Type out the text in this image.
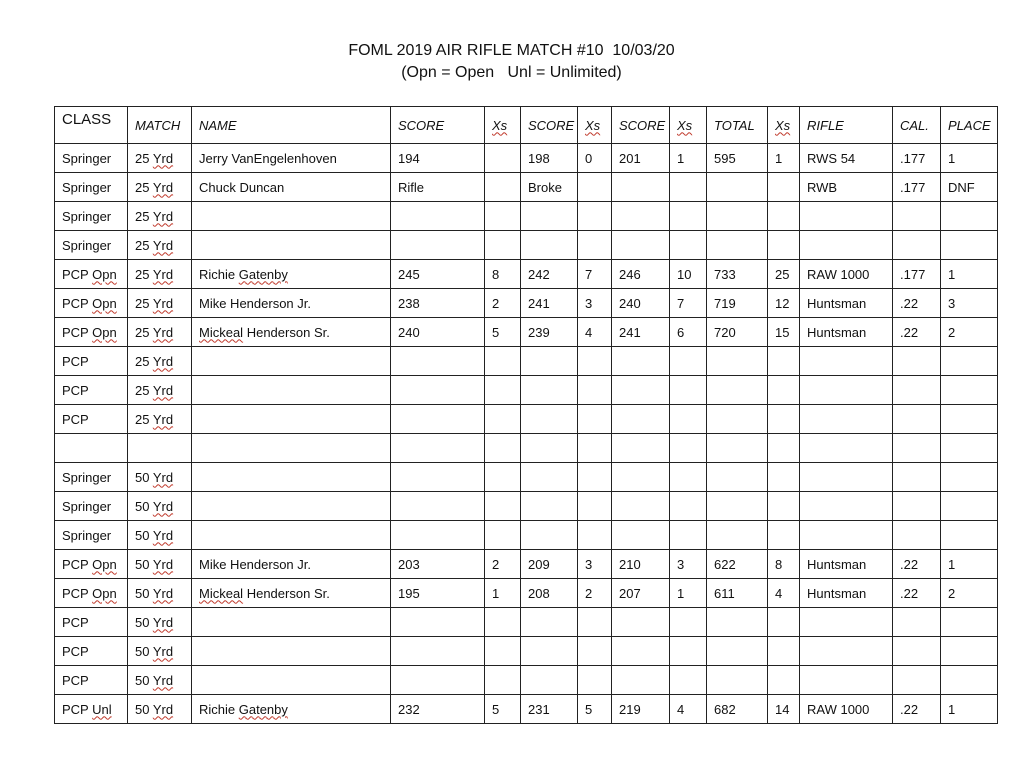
FOML 2019 AIR RIFLE MATCH #10  10/03/20
(Opn = Open   Unl = Unlimited)
CLASS	MATCH	NAME	SCORE	Xs	SCORE	Xs	SCORE	Xs	TOTAL	Xs	RIFLE	CAL.	PLACE
Springer	25 Yrd	Jerry VanEngelenhoven	194		198	0	201	1	595	1	RWS 54	.177	1
Springer	25 Yrd	Chuck Duncan	Rifle		Broke						RWB	.177	DNF
Springer	25 Yrd												
Springer	25 Yrd												
PCP Opn	25 Yrd	Richie Gatenby	245	8	242	7	246	10	733	25	RAW 1000	.177	1
PCP Opn	25 Yrd	Mike Henderson Jr.	238	2	241	3	240	7	719	12	Huntsman	.22	3
PCP Opn	25 Yrd	Mickeal Henderson Sr.	240	5	239	4	241	6	720	15	Huntsman	.22	2
PCP	25 Yrd												
PCP	25 Yrd												
PCP	25 Yrd												

Springer	50 Yrd												
Springer	50 Yrd												
Springer	50 Yrd												
PCP Opn	50 Yrd	Mike Henderson Jr.	203	2	209	3	210	3	622	8	Huntsman	.22	1
PCP Opn	50 Yrd	Mickeal Henderson Sr.	195	1	208	2	207	1	611	4	Huntsman	.22	2
PCP	50 Yrd												
PCP	50 Yrd												
PCP	50 Yrd												
PCP Unl	50 Yrd	Richie Gatenby	232	5	231	5	219	4	682	14	RAW 1000	.22	1
